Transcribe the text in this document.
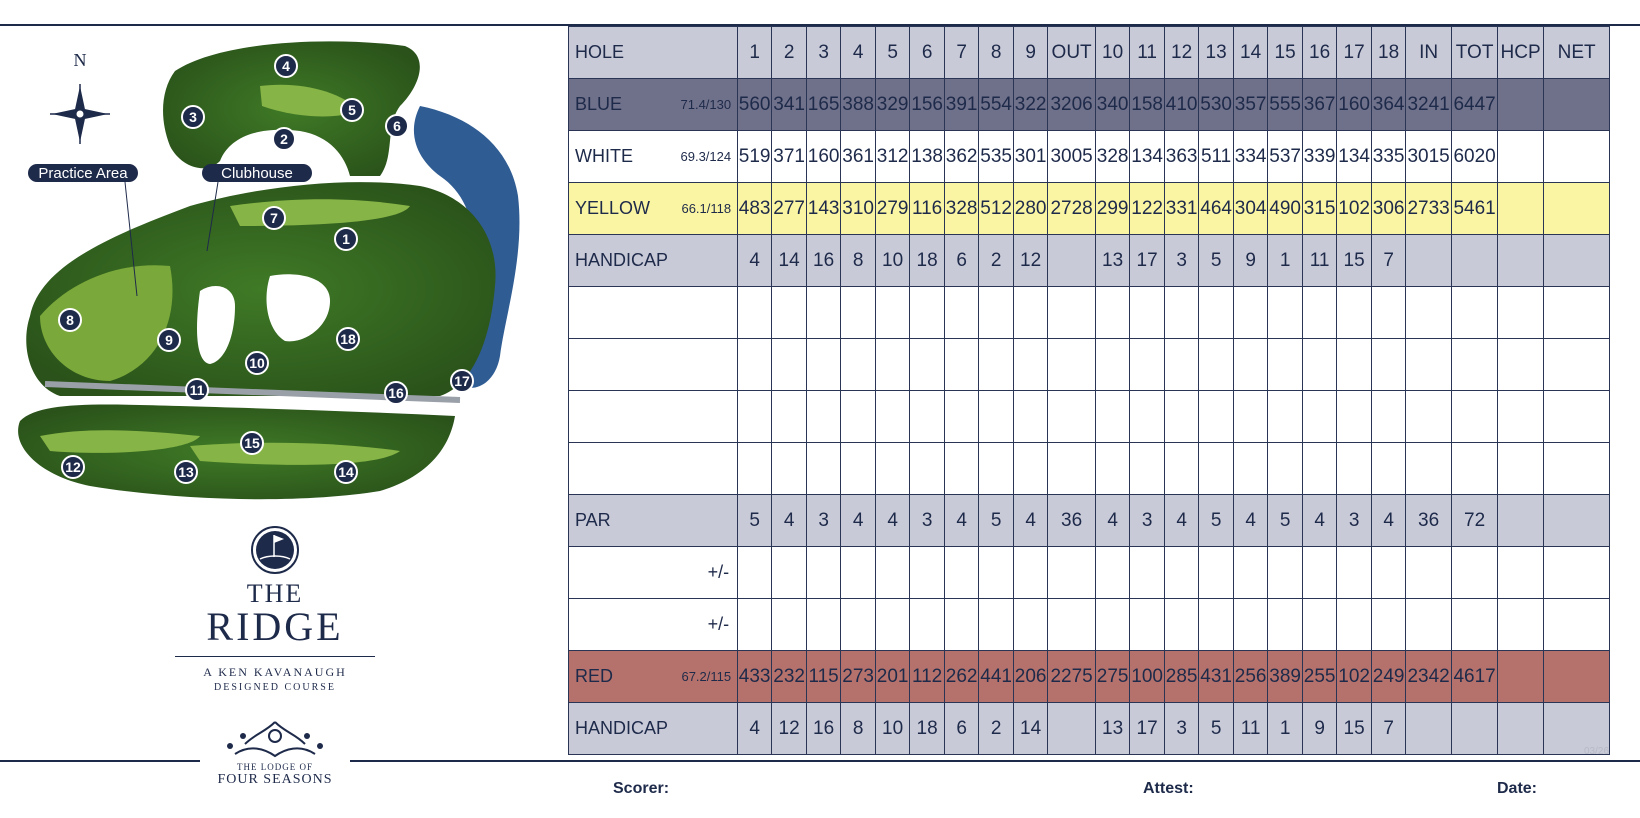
N
Practice Area	Clubhouse
1
2
3
4
5
6
7
8
9
10
11
12	13	14
15
16
17
18
THE
RIDGE
A KEN KAVANAUGH
DESIGNED COURSE
THE LODGE OF
FOUR SEASONS
HOLE		1	2	3	4	5	6	7	8	9	OUT	10	11	12	13	14	15	16	17	18	IN	TOT	HCP	NET
BLUE	71.4/130	560	341	165	388	329	156	391	554	322	3206	340	158	410	530	357	555	367	160	364	3241	6447		
WHITE	69.3/124	519	371	160	361	312	138	362	535	301	3005	328	134	363	511	334	537	339	134	335	3015	6020		
YELLOW	66.1/118	483	277	143	310	279	116	328	512	280	2728	299	122	331	464	304	490	315	102	306	2733	5461		
HANDICAP		4	14	16	8	10	18	6	2	12		13	17	3	5	9	1	11	15	7				

PAR		5	4	3	4	4	3	4	5	4	36	4	3	4	5	4	5	4	3	4	36	72		
+/-																								
+/-																								
RED	67.2/115	433	232	115	273	201	112	262	441	206	2275	275	100	285	431	256	389	255	102	249	2342	4617		
HANDICAP		4	12	16	8	10	18	6	2	14		13	17	3	5	11	1	9	15	7				
Scorer:	Attest:	Date:
03/26
